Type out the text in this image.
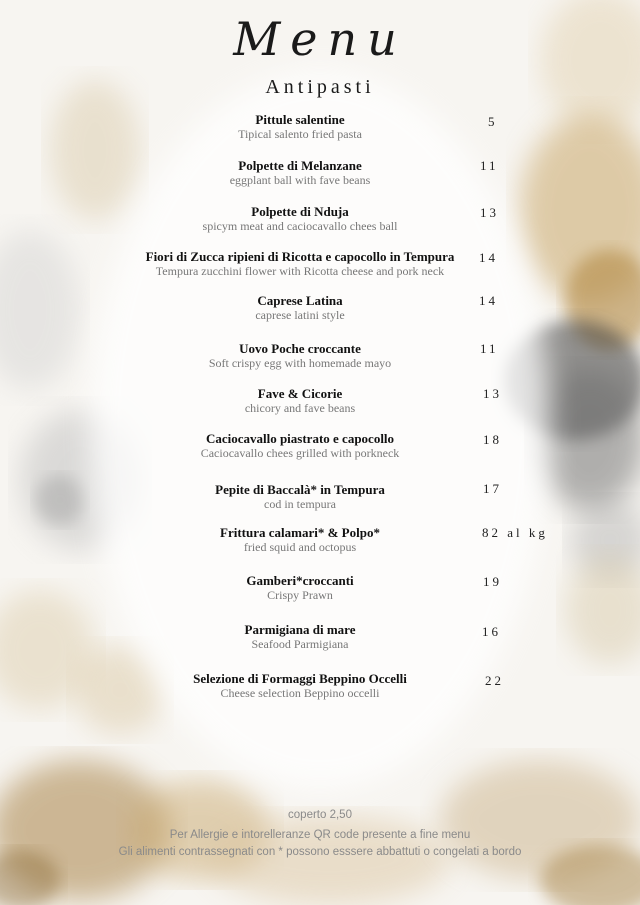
Menu
Antipasti
Pittule salentine
Tipical salento fried pasta
5
Polpette di Melanzane
eggplant ball with fave beans
11
Polpette di Nduja
spicym meat and caciocavallo chees ball
13
Fiori di Zucca ripieni di Ricotta e capocollo in Tempura
Tempura zucchini flower with Ricotta cheese and pork neck
14
Caprese Latina
caprese latini style
14
Uovo Poche croccante
Soft crispy egg with homemade mayo
11
Fave & Cicorie
chicory and fave beans
13
Caciocavallo piastrato e capocollo
Caciocavallo chees grilled with porkneck
18
Pepite di Baccalà* in Tempura
cod in tempura
17
Frittura calamari* & Polpo*
fried squid and octopus
82 al kg
Gamberi*croccanti
Crispy Prawn
19
Parmigiana di mare
Seafood Parmigiana
16
Selezione di Formaggi Beppino Occelli
Cheese selection Beppino occelli
22
coperto 2,50
Per Allergie e intorelleranze QR code presente a fine menu
Gli alimenti contrassegnati con * possono esssere abbattuti o congelati a bordo
